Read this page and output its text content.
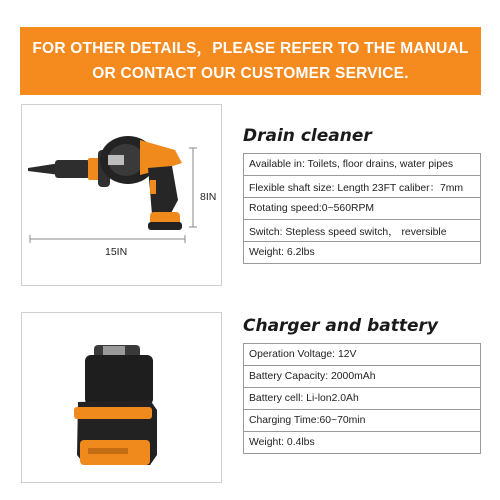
FOR OTHER DETAILS，PLEASE REFER TO THE MANUAL
OR CONTACT OUR CUSTOMER SERVICE.
15IN
8IN
Drain cleaner
Available in: Toilets, floor drains, water pipes
Flexible shaft size: Length 23FT caliber：7mm
Rotating speed:0~560RPM
Switch: Stepless speed switch， reversible
Weight: 6.2lbs
Charger and battery
Operation Voltage: 12V
Battery Capacity: 2000mAh
Battery cell: Li-lon2.0Ah
Charging Time:60~70min
Weight: 0.4lbs
